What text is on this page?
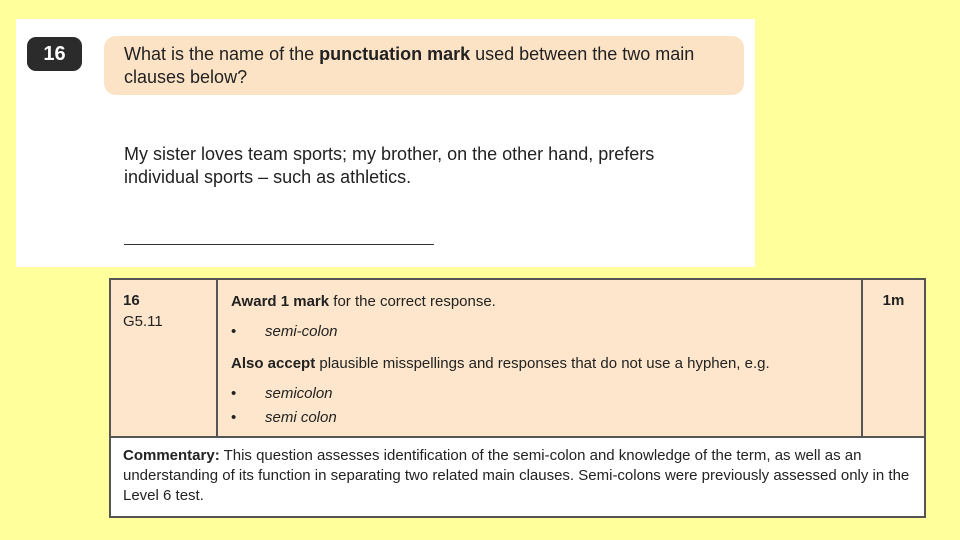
16	What is the name of the punctuation mark used between the two main clauses below?
My sister loves team sports; my brother, on the other hand, prefers individual sports – such as athletics.
16
G5.11

Award 1 mark for the correct response.

• semi-colon

Also accept plausible misspellings and responses that do not use a hyphen, e.g.

• semicolon

• semi colon

1m
Commentary: This question assesses identification of the semi-colon and knowledge of the term, as well as an understanding of its function in separating two related main clauses. Semi-colons were previously assessed only in the Level 6 test.
